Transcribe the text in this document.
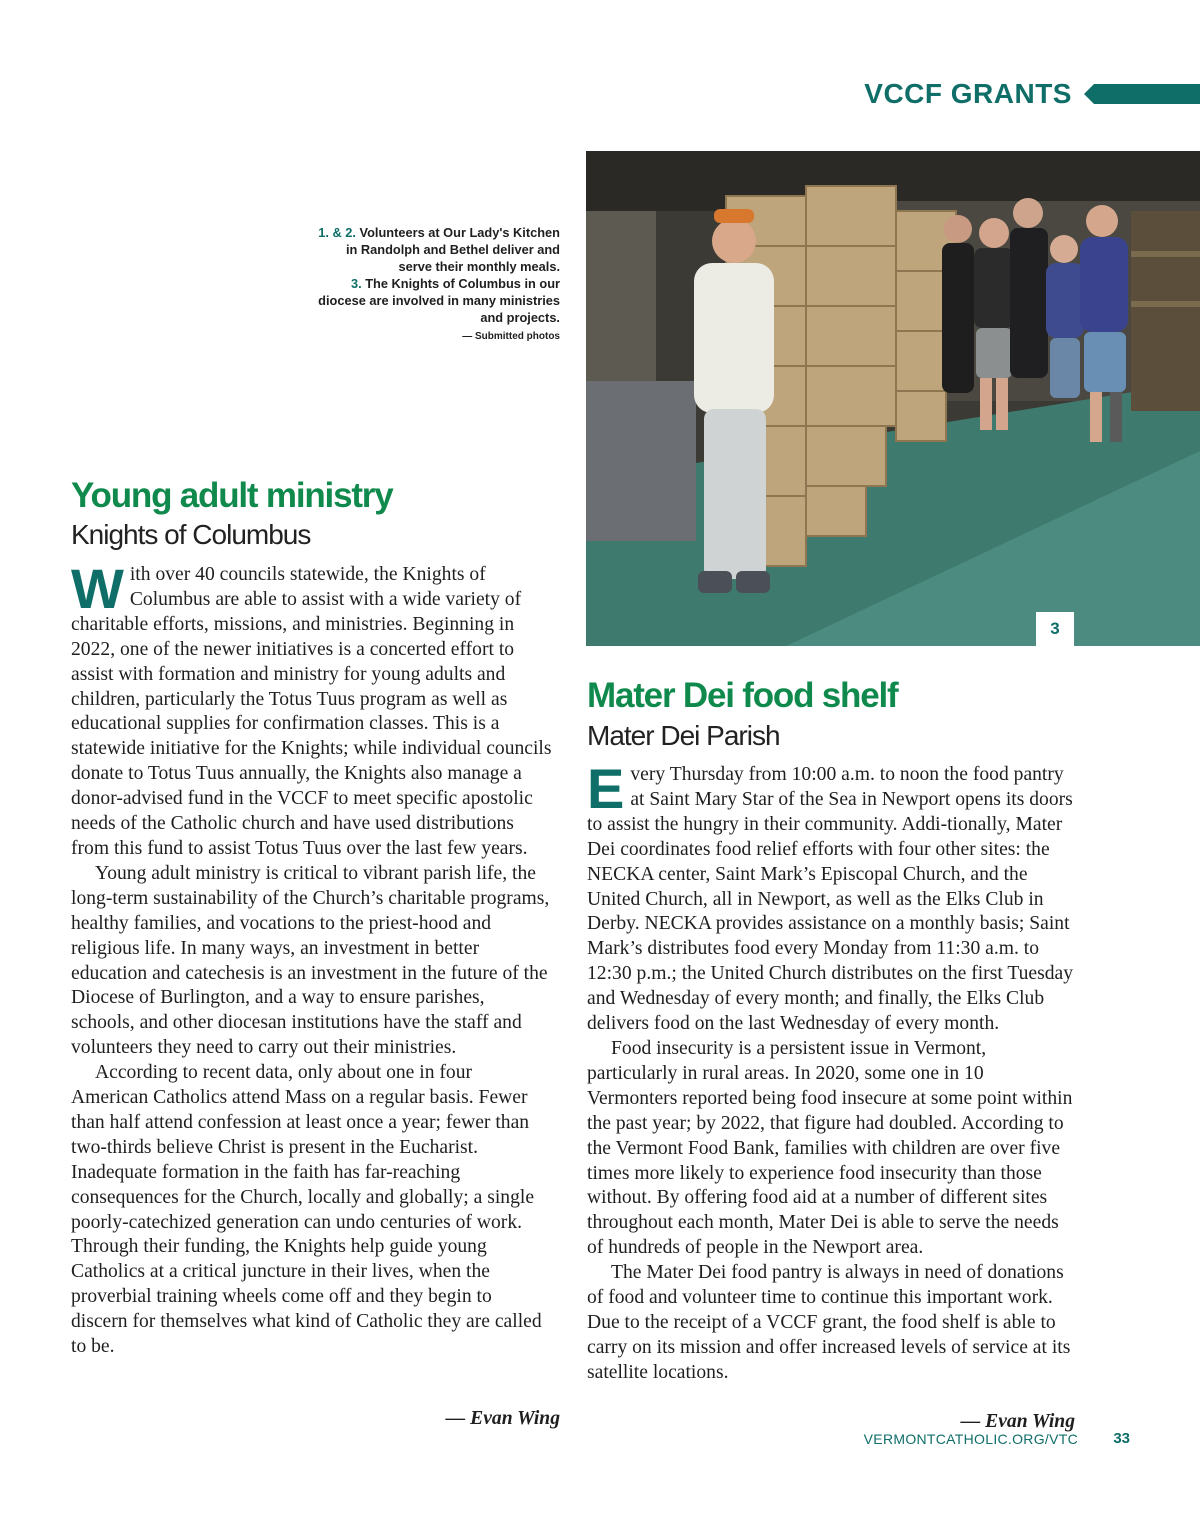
VCCF GRANTS
1. & 2. Volunteers at Our Lady's Kitchen in Randolph and Bethel deliver and serve their monthly meals.
3. The Knights of Columbus in our diocese are involved in many ministries and projects.
— Submitted photos
3
Young adult ministry
Knights of Columbus

With over 40 councils statewide, the Knights of Columbus are able to assist with a wide variety of charitable efforts, missions, and ministries. Beginning in 2022, one of the newer initiatives is a concerted effort to assist with formation and ministry for young adults and children, particularly the Totus Tuus program as well as educational supplies for confirmation classes. This is a statewide initiative for the Knights; while individual councils donate to Totus Tuus annually, the Knights also manage a donor-advised fund in the VCCF to meet specific apostolic needs of the Catholic church and have used distributions from this fund to assist Totus Tuus over the last few years.

Young adult ministry is critical to vibrant parish life, the long-term sustainability of the Church’s charitable programs, healthy families, and vocations to the priest-hood and religious life. In many ways, an investment in better education and catechesis is an investment in the future of the Diocese of Burlington, and a way to ensure parishes, schools, and other diocesan institutions have the staff and volunteers they need to carry out their ministries.

According to recent data, only about one in four American Catholics attend Mass on a regular basis. Fewer than half attend confession at least once a year; fewer than two-thirds believe Christ is present in the Eucharist. Inadequate formation in the faith has far-reaching consequences for the Church, locally and globally; a single poorly-catechized generation can undo centuries of work. Through their funding, the Knights help guide young Catholics at a critical juncture in their lives, when the proverbial training wheels come off and they begin to discern for themselves what kind of Catholic they are called to be.

— Evan Wing
Mater Dei food shelf
Mater Dei Parish

Every Thursday from 10:00 a.m. to noon the food pantry at Saint Mary Star of the Sea in Newport opens its doors to assist the hungry in their community. Addi-tionally, Mater Dei coordinates food relief efforts with four other sites: the NECKA center, Saint Mark’s Episcopal Church, and the United Church, all in Newport, as well as the Elks Club in Derby. NECKA provides assistance on a monthly basis; Saint Mark’s distributes food every Monday from 11:30 a.m. to 12:30 p.m.; the United Church distributes on the first Tuesday and Wednesday of every month; and finally, the Elks Club delivers food on the last Wednesday of every month.

Food insecurity is a persistent issue in Vermont, particularly in rural areas. In 2020, some one in 10 Vermonters reported being food insecure at some point within the past year; by 2022, that figure had doubled. According to the Vermont Food Bank, families with children are over five times more likely to experience food insecurity than those without. By offering food aid at a number of different sites throughout each month, Mater Dei is able to serve the needs of hundreds of people in the Newport area.

The Mater Dei food pantry is always in need of donations of food and volunteer time to continue this important work. Due to the receipt of a VCCF grant, the food shelf is able to carry on its mission and offer increased levels of service at its satellite locations.

— Evan Wing
VERMONTCATHOLIC.ORG/VTC 33
